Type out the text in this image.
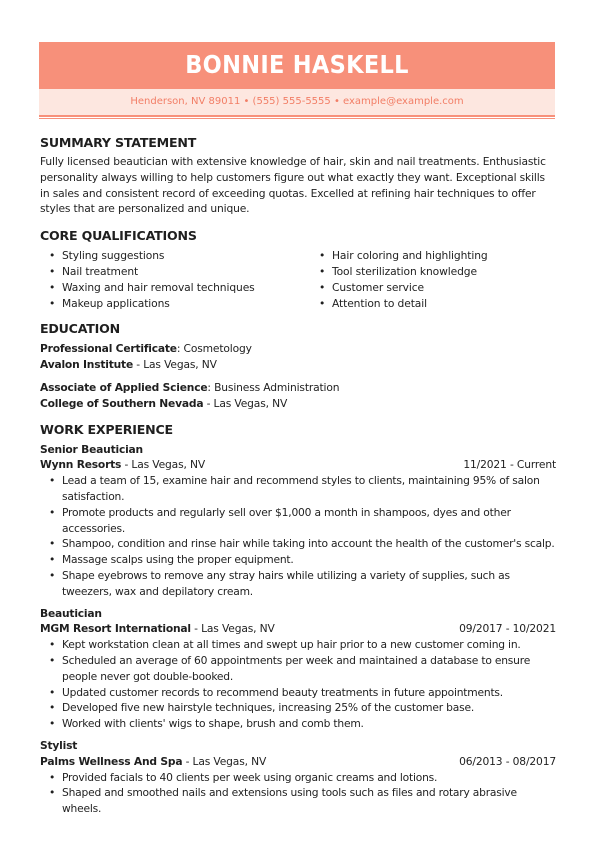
BONNIE HASKELL
Henderson, NV 89011 • (555) 555-5555 • example@example.com
SUMMARY STATEMENT

Fully licensed beautician with extensive knowledge of hair, skin and nail treatments. Enthusiastic personality always willing to help customers figure out what exactly they want. Exceptional skills in sales and consistent record of exceeding quotas. Excelled at refining hair techniques to offer styles that are personalized and unique.

CORE QUALIFICATIONS
• Styling suggestions
• Nail treatment
• Waxing and hair removal techniques
• Makeup applications
• Hair coloring and highlighting
• Tool sterilization knowledge
• Customer service
• Attention to detail
EDUCATION
Professional Certificate: Cosmetology
Avalon Institute - Las Vegas, NV
Associate of Applied Science: Business Administration
College of Southern Nevada - Las Vegas, NV
WORK EXPERIENCE
Senior Beautician
Wynn Resorts - Las Vegas, NV	11/2021 - Current
• Lead a team of 15, examine hair and recommend styles to clients, maintaining 95% of salon satisfaction.
• Promote products and regularly sell over $1,000 a month in shampoos, dyes and other accessories.
• Shampoo, condition and rinse hair while taking into account the health of the customer's scalp.
• Massage scalps using the proper equipment.
• Shape eyebrows to remove any stray hairs while utilizing a variety of supplies, such as tweezers, wax and depilatory cream.
Beautician
MGM Resort International - Las Vegas, NV	09/2017 - 10/2021
• Kept workstation clean at all times and swept up hair prior to a new customer coming in.
• Scheduled an average of 60 appointments per week and maintained a database to ensure people never got double-booked.
• Updated customer records to recommend beauty treatments in future appointments.
• Developed five new hairstyle techniques, increasing 25% of the customer base.
• Worked with clients' wigs to shape, brush and comb them.
Stylist
Palms Wellness And Spa - Las Vegas, NV	06/2013 - 08/2017
• Provided facials to 40 clients per week using organic creams and lotions.
• Shaped and smoothed nails and extensions using tools such as files and rotary abrasive wheels.
